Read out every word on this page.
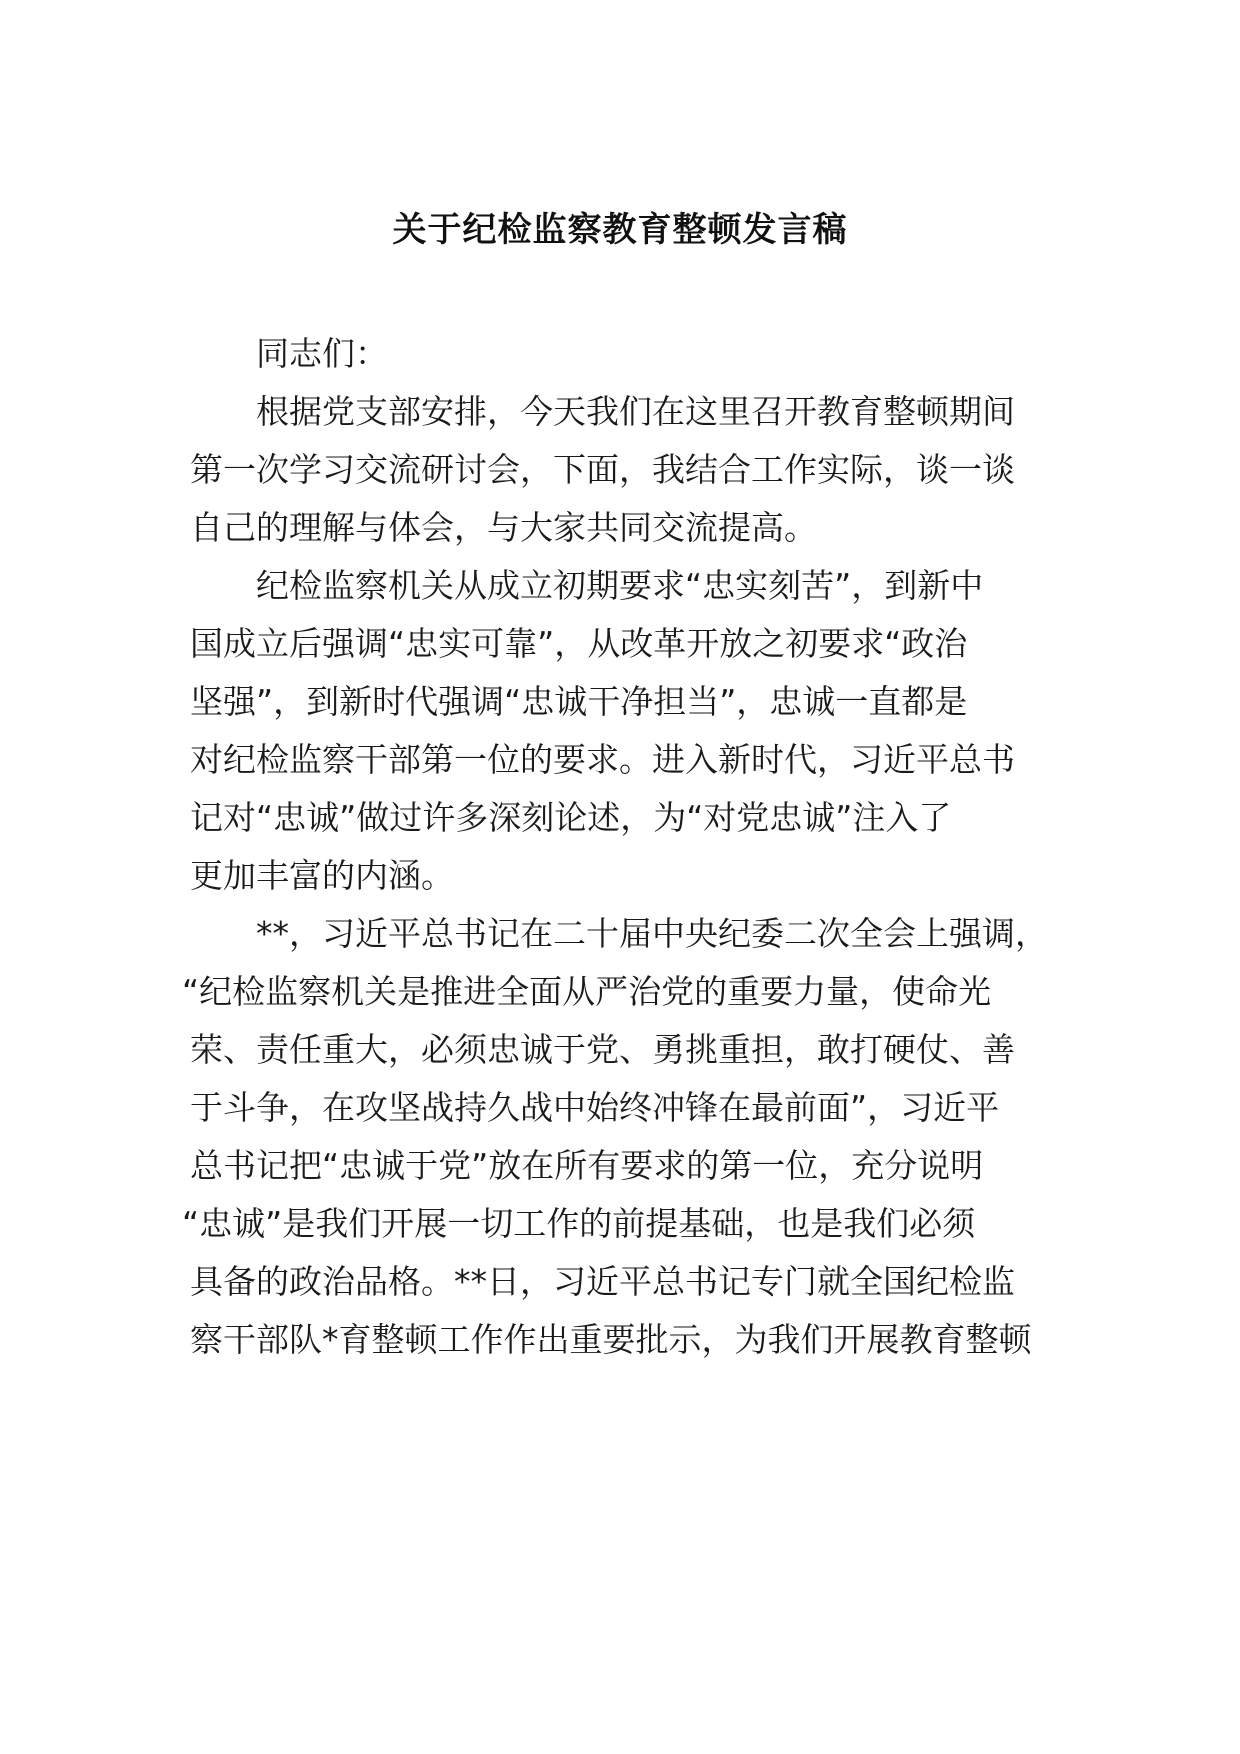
关于纪检监察教育整顿发言稿
同志们：
根据党支部安排，今天我们在这里召开教育整顿期间
第一次学习交流研讨会，下面，我结合工作实际，谈一谈
自己的理解与体会，与大家共同交流提高。
纪检监察机关从成立初期要求“忠实刻苦”，到新中
国成立后强调“忠实可靠”，从改革开放之初要求“政治
坚强”，到新时代强调“忠诚干净担当”，忠诚一直都是
对纪检监察干部第一位的要求。进入新时代，习近平总书
记对“忠诚”做过许多深刻论述，为“对党忠诚”注入了
更加丰富的内涵。
**，习近平总书记在二十届中央纪委二次全会上强调，
“纪检监察机关是推进全面从严治党的重要力量，使命光
荣、责任重大，必须忠诚于党、勇挑重担，敢打硬仗、善
于斗争，在攻坚战持久战中始终冲锋在最前面”，习近平
总书记把“忠诚于党”放在所有要求的第一位，充分说明
“忠诚”是我们开展一切工作的前提基础，也是我们必须
具备的政治品格。**日，习近平总书记专门就全国纪检监
察干部队*育整顿工作作出重要批示，为我们开展教育整顿
